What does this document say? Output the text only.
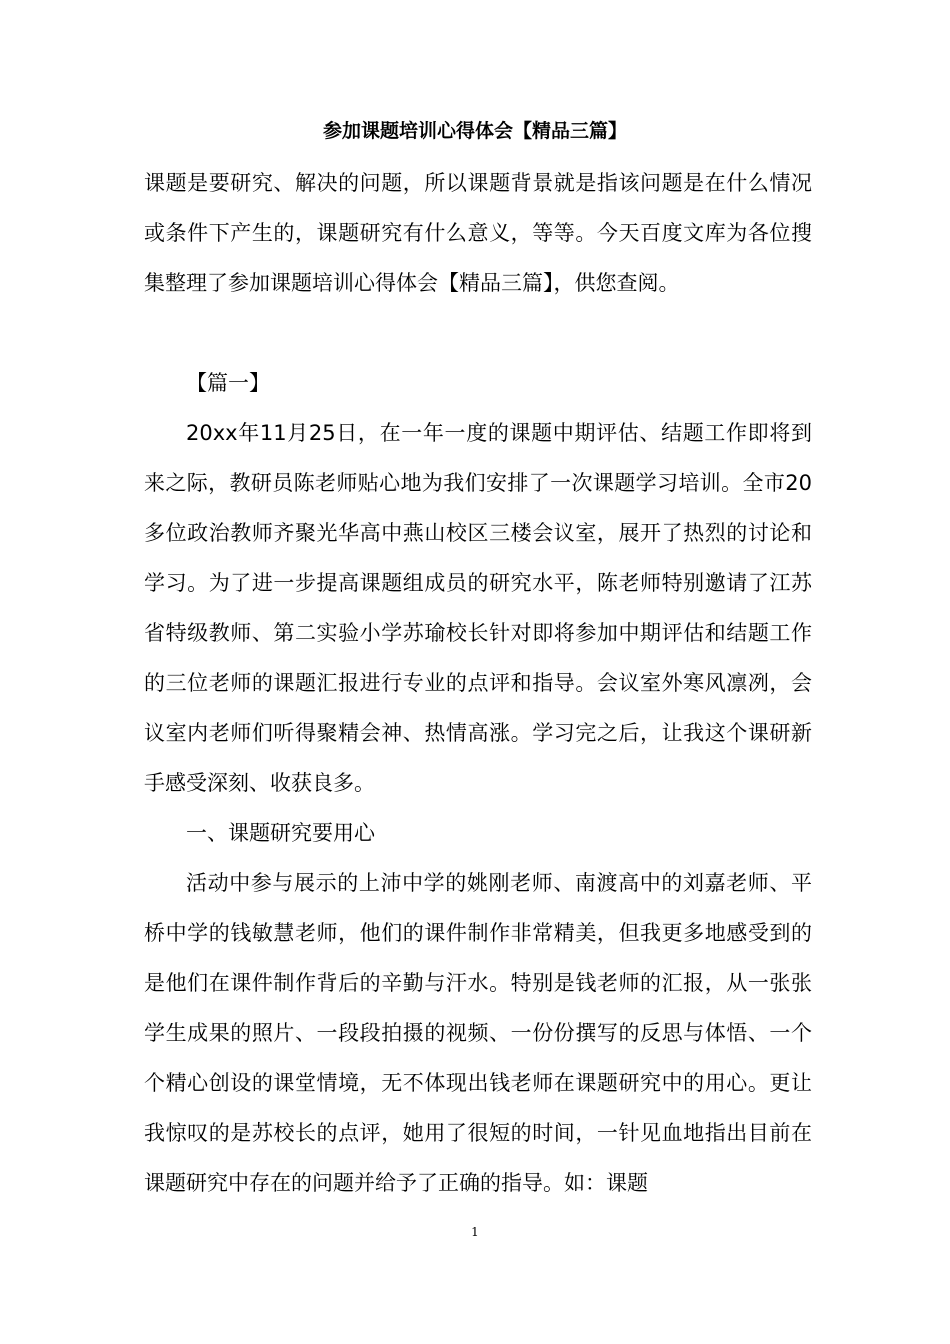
参加课题培训心得体会【精品三篇】
课题是要研究、解决的问题，所以课题背景就是指该问题是在什么情况或条件下产生的，课题研究有什么意义，等等。今天百度文库为各位搜集整理了参加课题培训心得体会【精品三篇】，供您查阅。
【篇一】
20xx年11月25日，在一年一度的课题中期评估、结题工作即将到来之际，教研员陈老师贴心地为我们安排了一次课题学习培训。全市20多位政治教师齐聚光华高中燕山校区三楼会议室，展开了热烈的讨论和学习。为了进一步提高课题组成员的研究水平，陈老师特别邀请了江苏省特级教师、第二实验小学苏瑜校长针对即将参加中期评估和结题工作的三位老师的课题汇报进行专业的点评和指导。会议室外寒风凛冽，会议室内老师们听得聚精会神、热情高涨。学习完之后，让我这个课研新手感受深刻、收获良多。
一、课题研究要用心
活动中参与展示的上沛中学的姚刚老师、南渡高中的刘嘉老师、平桥中学的钱敏慧老师，他们的课件制作非常精美，但我更多地感受到的是他们在课件制作背后的辛勤与汗水。特别是钱老师的汇报，从一张张学生成果的照片、一段段拍摄的视频、一份份撰写的反思与体悟、一个个精心创设的课堂情境，无不体现出钱老师在课题研究中的用心。更让我惊叹的是苏校长的点评，她用了很短的时间，一针见血地指出目前在课题研究中存在的问题并给予了正确的指导。如：课题
1
